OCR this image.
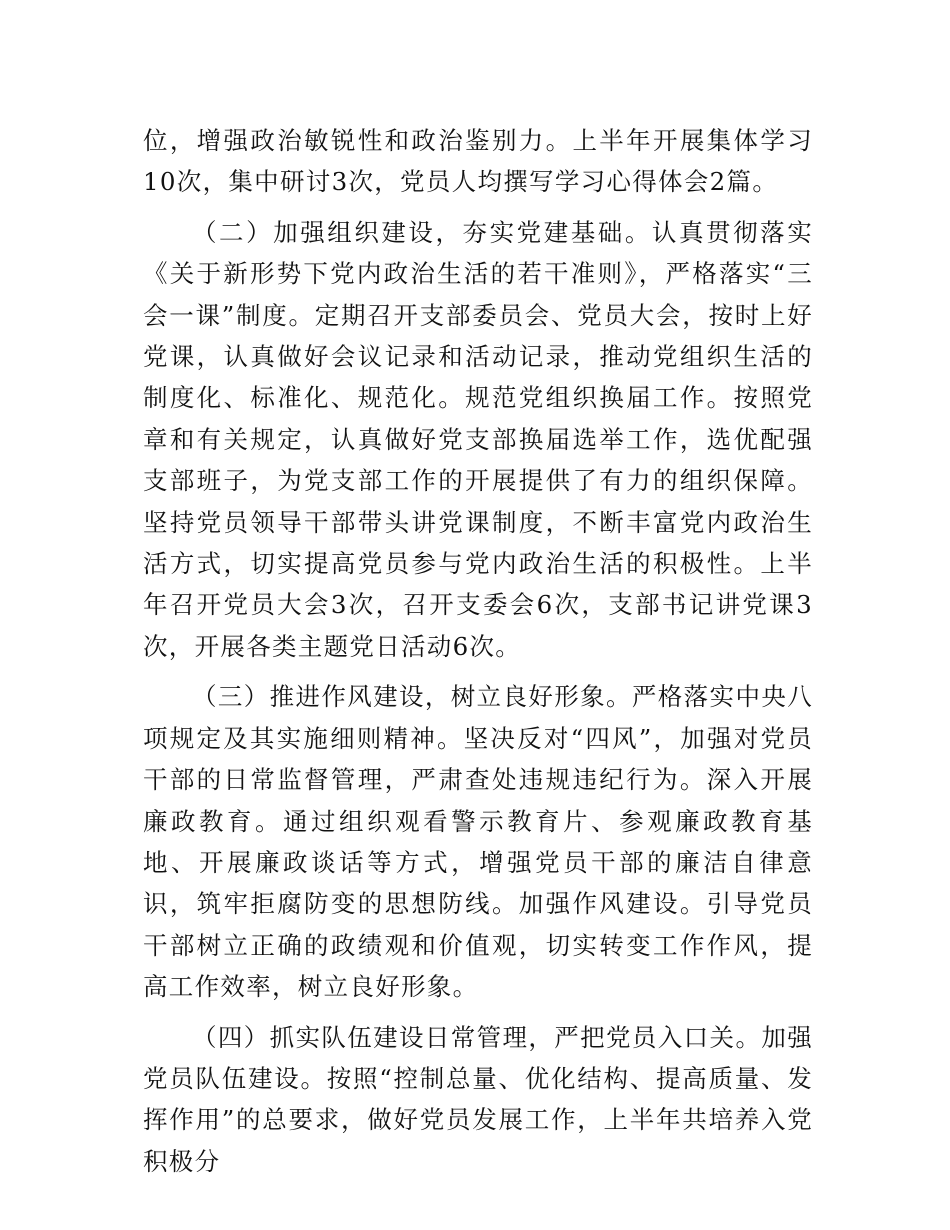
位，增强政治敏锐性和政治鉴别力。上半年开展集体学习10次，集中研讨3次，党员人均撰写学习心得体会2篇。

（二）加强组织建设，夯实党建基础。认真贯彻落实《关于新形势下党内政治生活的若干准则》，严格落实“三会一课”制度。定期召开支部委员会、党员大会，按时上好党课，认真做好会议记录和活动记录，推动党组织生活的制度化、标准化、规范化。规范党组织换届工作。按照党章和有关规定，认真做好党支部换届选举工作，选优配强支部班子，为党支部工作的开展提供了有力的组织保障。坚持党员领导干部带头讲党课制度，不断丰富党内政治生活方式，切实提高党员参与党内政治生活的积极性。上半年召开党员大会3次，召开支委会6次，支部书记讲党课3次，开展各类主题党日活动6次。

（三）推进作风建设，树立良好形象。严格落实中央八项规定及其实施细则精神。坚决反对“四风”，加强对党员干部的日常监督管理，严肃查处违规违纪行为。深入开展廉政教育。通过组织观看警示教育片、参观廉政教育基地、开展廉政谈话等方式，增强党员干部的廉洁自律意识，筑牢拒腐防变的思想防线。加强作风建设。引导党员干部树立正确的政绩观和价值观，切实转变工作作风，提高工作效率，树立良好形象。

（四）抓实队伍建设日常管理，严把党员入口关。加强党员队伍建设。按照“控制总量、优化结构、提高质量、发挥作用”的总要求，做好党员发展工作，上半年共培养入党积极分
